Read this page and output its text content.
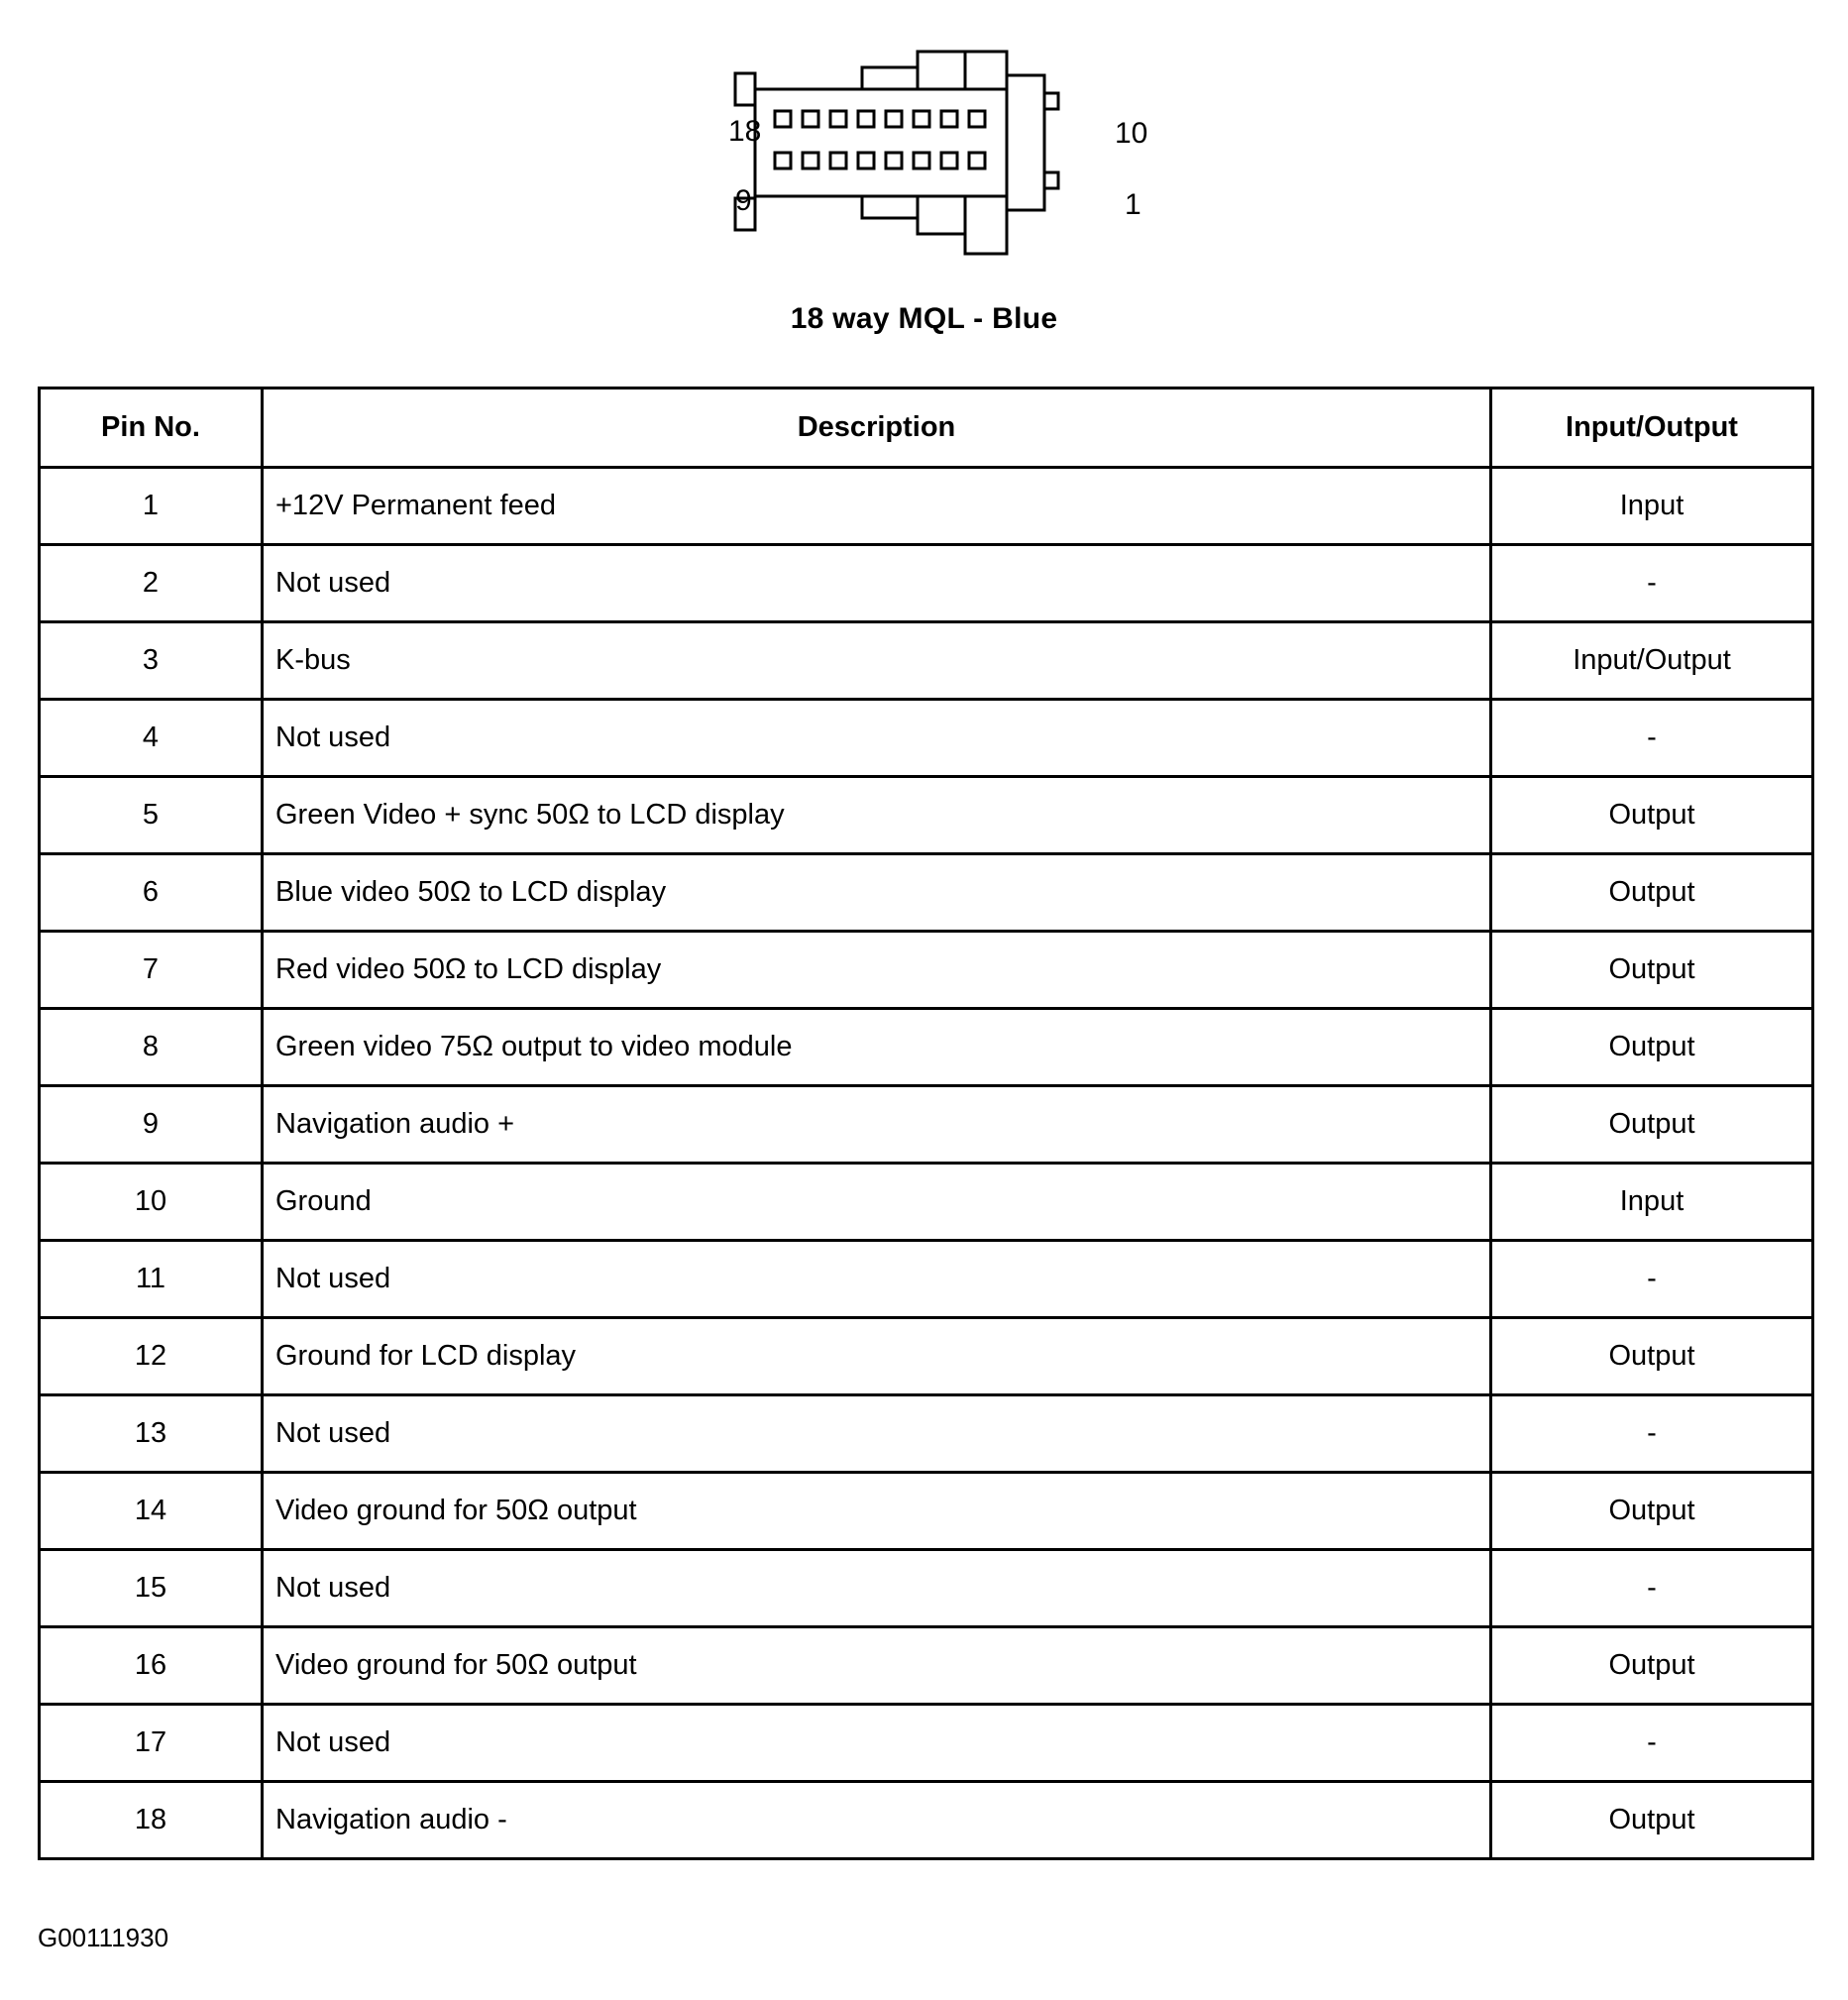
18
9
10
1
18 way MQL - Blue
Pin No.	Description	Input/Output
1	+12V Permanent feed	Input
2	Not used	-
3	K-bus	Input/Output
4	Not used	-
5	Green Video + sync 50Ω to LCD display	Output
6	Blue video 50Ω to LCD display	Output
7	Red video 50Ω to LCD display	Output
8	Green video 75Ω output to video module	Output
9	Navigation audio +	Output
10	Ground	Input
11	Not used	-
12	Ground for LCD display	Output
13	Not used	-
14	Video ground for 50Ω output	Output
15	Not used	-
16	Video ground for 50Ω output	Output
17	Not used	-
18	Navigation audio -	Output
G00111930
